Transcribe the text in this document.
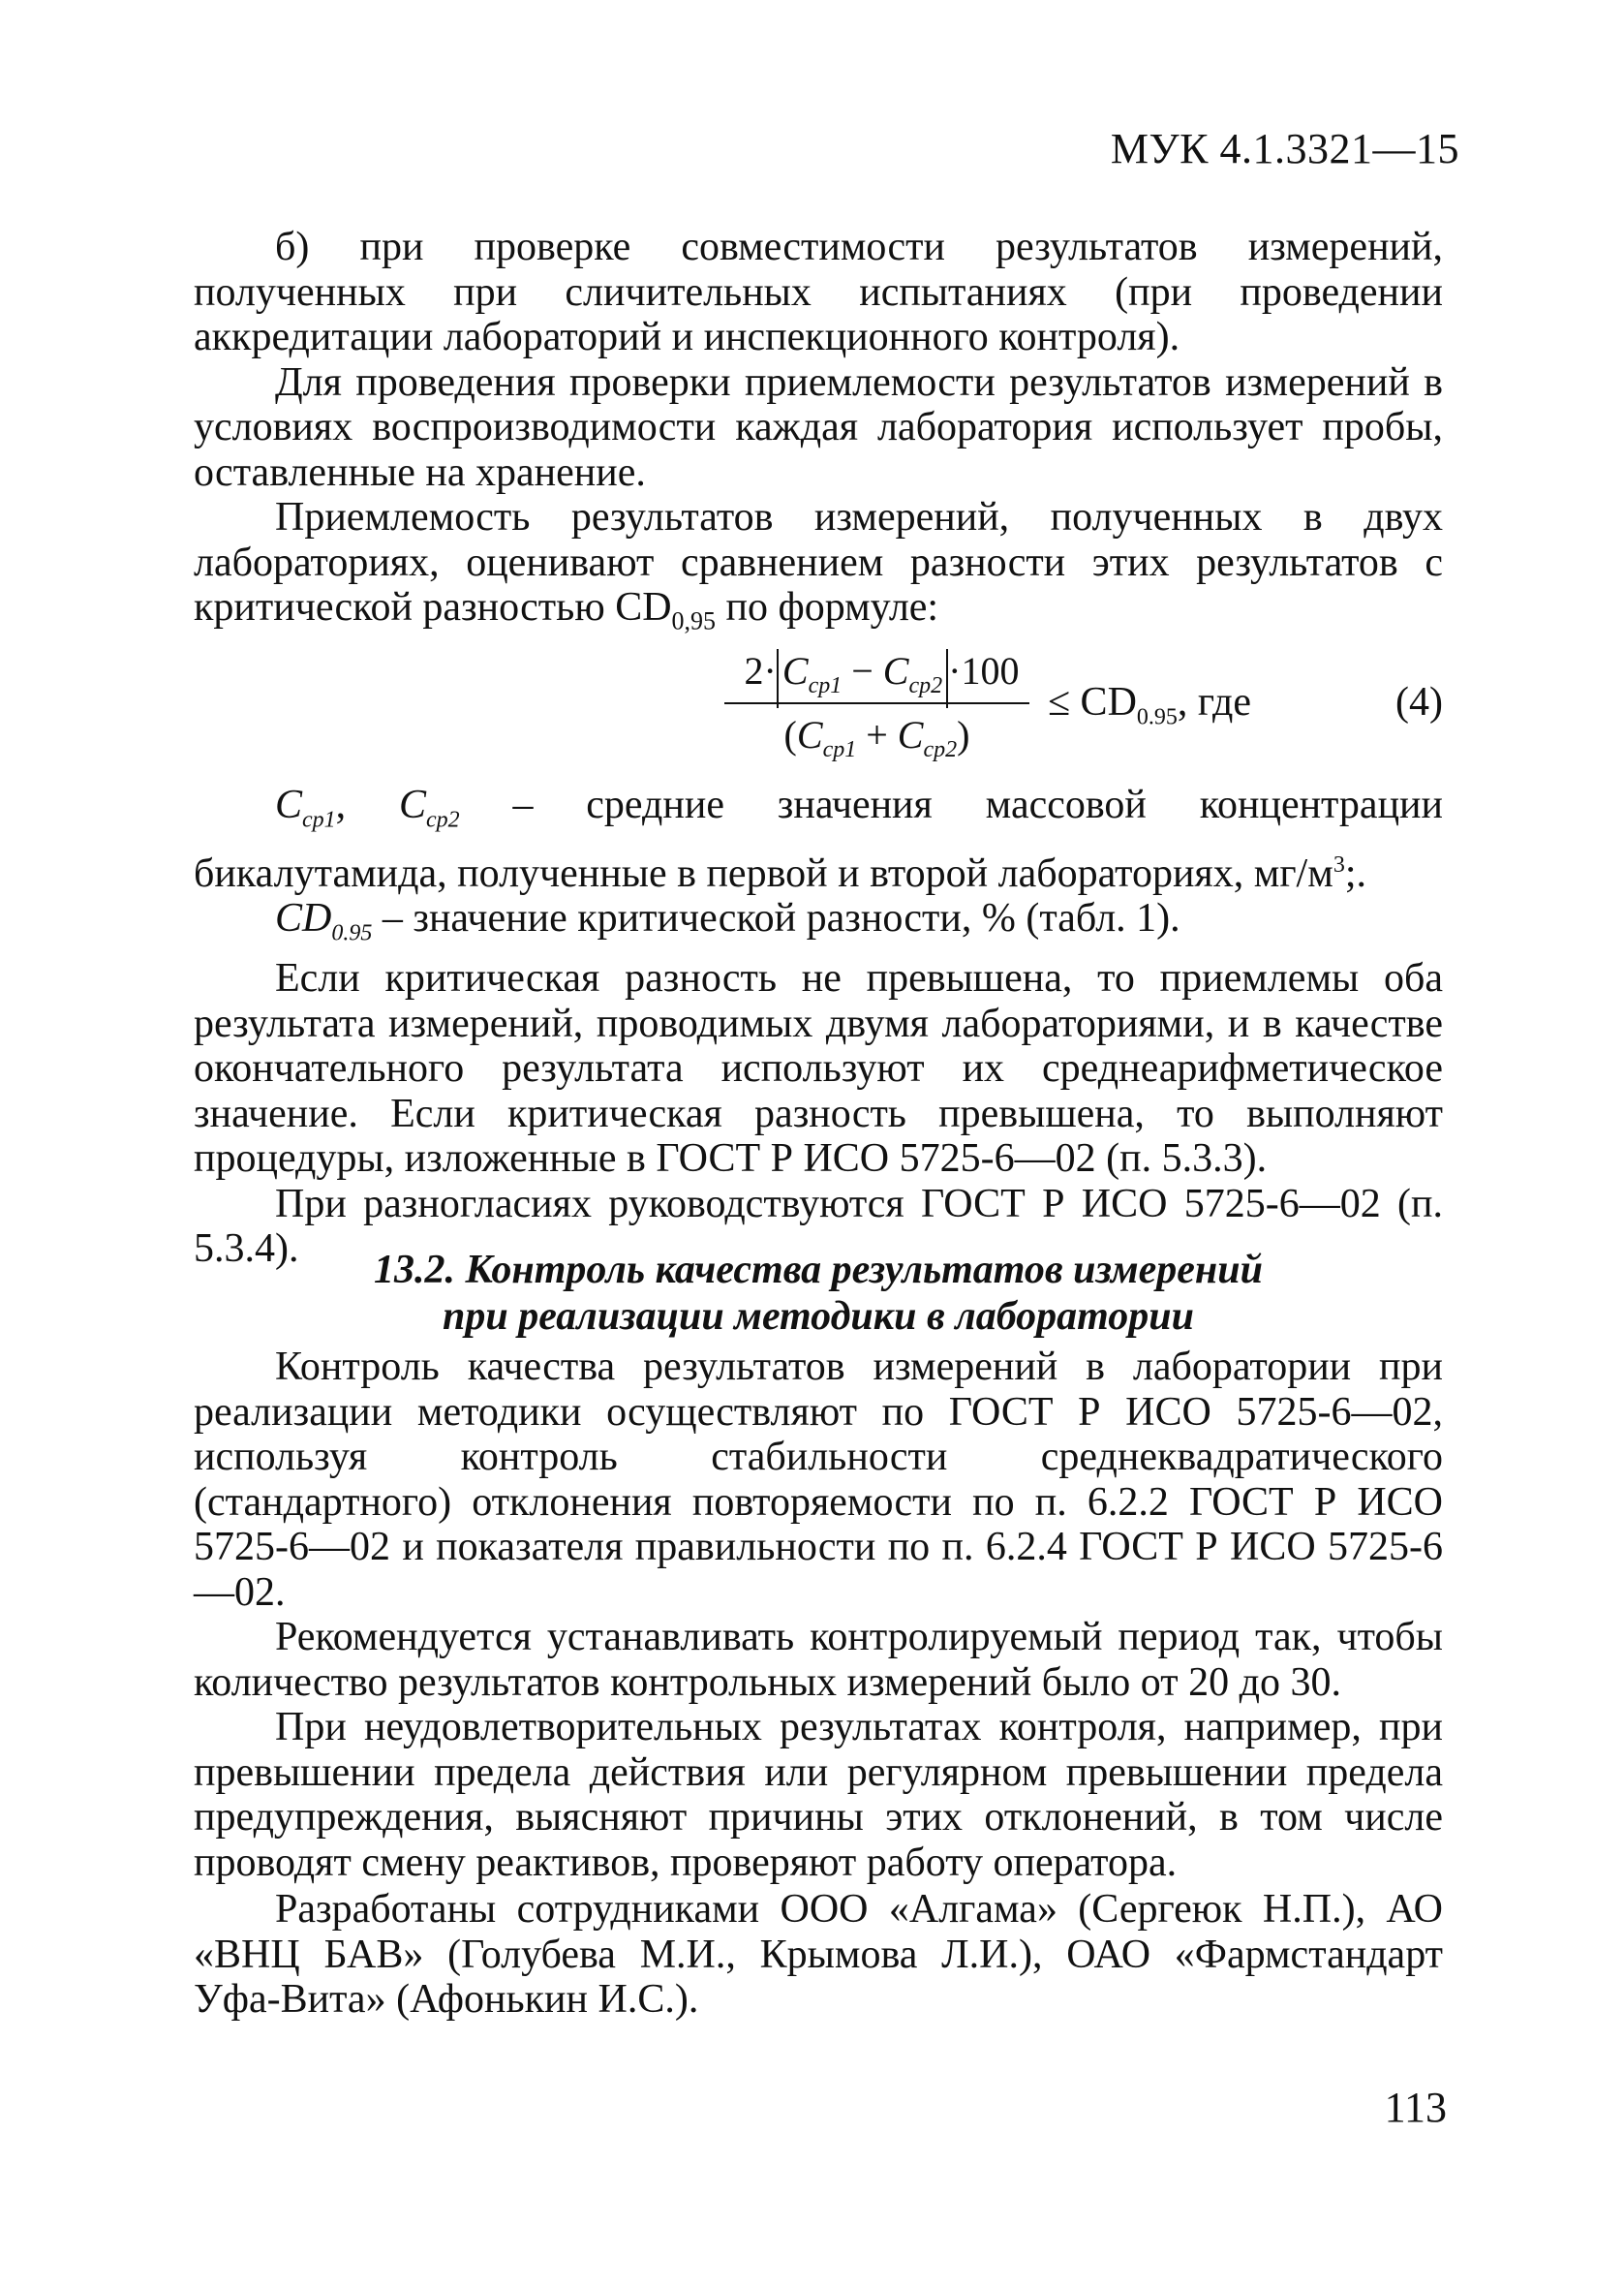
МУК 4.1.3321—15

б) при проверке совместимости результатов измерений, полученных при сличительных испытаниях (при проведении аккредитации лабораторий и инспекционного контроля).

Для проведения проверки приемлемости результатов измерений в условиях воспроизводимости каждая лаборатория использует пробы, оставленные на хранение.

Приемлемость результатов измерений, полученных в двух лабораториях, оценивают сравнением разности этих результатов с критической разностью $CD_{0,95}$ по формуле:

$2\cdot C_{ср1} - C_{ср2} \cdot 100$
$(C_{ср1} + C_{ср2})$
≤ $CD_{0.95}$, где	(4)

$C_{ср1}$, $C_{ср2}$ – средние значения массовой концентрации бикалутамида, полученные в первой и второй лабораториях, $мг/м^3$;.

$CD_{0.95}$ – значение критической разности, % (табл. 1).

Если критическая разность не превышена, то приемлемы оба результата измерений, проводимых двумя лабораториями, и в качестве окончательного результата используют их среднеарифметическое значение. Если критическая разность превышена, то выполняют процедуры, изложенные в ГОСТ Р ИСО 5725-6—02 (п. 5.3.3).

При разногласиях руководствуются ГОСТ Р ИСО 5725-6—02 (п. 5.3.4).	13.2. Контроль качества результатов измерений
при реализации методики в лаборатории

Контроль качества результатов измерений в лаборатории при реализации методики осуществляют по ГОСТ Р ИСО 5725-6—02, используя контроль стабильности среднеквадратического (стандартного) отклонения повторяемости по п. 6.2.2 ГОСТ Р ИСО 5725-6—02 и показателя правильности по п. 6.2.4 ГОСТ Р ИСО 5725-6—02.

Рекомендуется устанавливать контролируемый период так, чтобы количество результатов контрольных измерений было от 20 до 30.

При неудовлетворительных результатах контроля, например, при превышении предела действия или регулярном превышении предела предупреждения, выясняют причины этих отклонений, в том числе проводят смену реактивов, проверяют работу оператора.

Разработаны сотрудниками ООО «Алгама» (Сергеюк Н.П.), АО «ВНЦ БАВ» (Голубева М.И., Крымова Л.И.), ОАО «Фармстандарт Уфа-Вита» (Афонькин И.С.).

113
